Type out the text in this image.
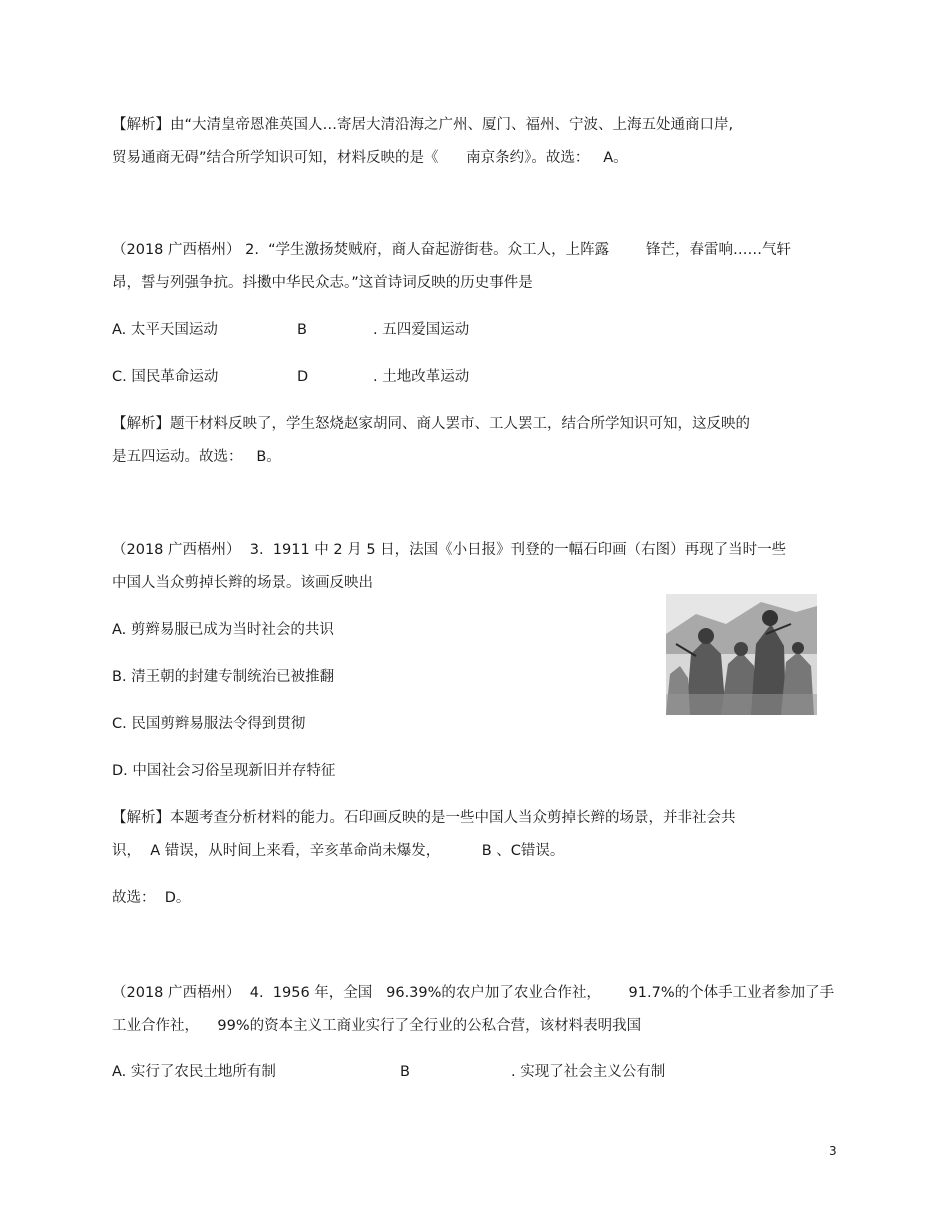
【解析】由“大清皇帝恩准英国人…寄居大清沿海之广州、厦门、福州、宁波、上海五处通商口岸,
贸易通商无碍”结合所学知识可知，材料反映的是《      南京条约》。故选：   A。
（2018 广西梧州） 2.  “学生激扬焚贼府，商人奋起游街巷。众工人，上阵露        锋芒，春雷响……气轩
昂，誓与列强争抗。抖擞中华民众志。”这首诗词反映的历史事件是
A. 太平天国运动	B	. 五四爱国运动
C. 国民革命运动	D	. 土地改革运动
【解析】题干材料反映了，学生怒烧赵家胡同、商人罢市、工人罢工，结合所学知识可知，这反映的
是五四运动。故选：   B。
（2018 广西梧州）  3.  1911 中 2 月 5 日，法国《小日报》刊登的一幅石印画（右图）再现了当时一些
中国人当众剪掉长辫的场景。该画反映出
A. 剪辫易服已成为当时社会的共识
B. 清王朝的封建专制统治已被推翻
C. 民国剪辫易服法令得到贯彻
D. 中国社会习俗呈现新旧并存特征
【解析】本题考查分析材料的能力。石印画反映的是一些中国人当众剪掉长辫的场景，并非社会共
识，  A 错误，从时间上来看，辛亥革命尚未爆发，         B 、C错误。
故选：  D。
（2018 广西梧州）  4.  1956 年，全国   96.39%的农户加了农业合作社，      91.7%的个体手工业者参加了手
工业合作社，    99%的资本主义工商业实行了全行业的公私合营，该材料表明我国
A. 实行了农民土地所有制	B	. 实现了社会主义公有制
3
